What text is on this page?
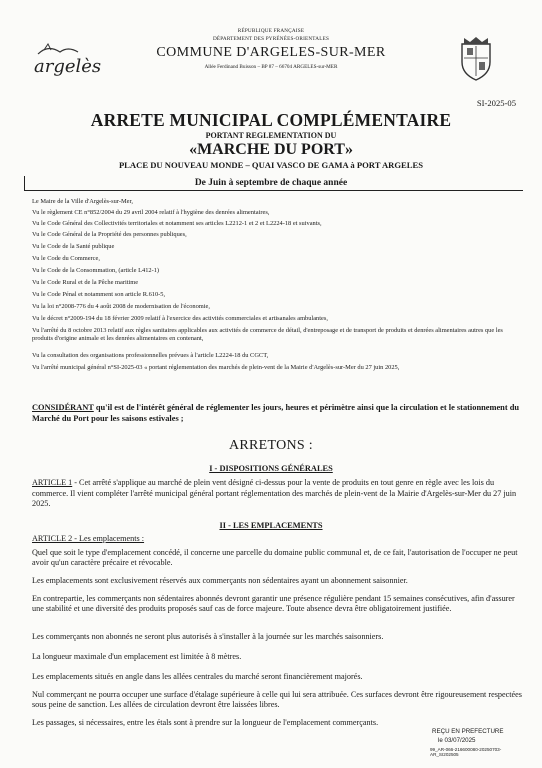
argelès
RÉPUBLIQUE FRANÇAISE
DÉPARTEMENT DES PYRÉNÉES-ORIENTALES
COMMUNE D'ARGELES-SUR-MER
Allée Ferdinand Buisson – BP 87 – 66704 ARGELES-sur-MER
SI-2025-05
ARRETE MUNICIPAL COMPLÉMENTAIRE
PORTANT REGLEMENTATION DU
«MARCHE DU PORT»
PLACE DU NOUVEAU MONDE – QUAI VASCO DE GAMA à PORT ARGELES
De Juin à septembre de chaque année
Le Maire de la Ville d'Argelès-sur-Mer,
Vu le règlement CE n°852/2004 du 29 avril 2004 relatif à l'hygiène des denrées alimentaires,
Vu le Code Général des Collectivités territoriales et notamment ses articles L2212-1 et 2 et L2224-18 et suivants,
Vu le Code Général de la Propriété des personnes publiques,
Vu le Code de la Santé publique
Vu le Code du Commerce,
Vu le Code de la Consommation, (article L412-1)
Vu le Code Rural et de la Pêche maritime
Vu le Code Pénal et notamment son article R.610-5,
Vu la loi n°2008-776 du 4 août 2008 de modernisation de l'économie,
Vu le décret n°2009-194 du 18 février 2009 relatif à l'exercice des activités commerciales et artisanales ambulantes,
Vu l'arrêté du 8 octobre 2013 relatif aux règles sanitaires applicables aux activités de commerce de détail, d'entreposage et de transport de produits et denrées alimentaires autres que les produits d'origine animale et les denrées alimentaires en contenant,
Vu la consultation des organisations professionnelles prévues à l'article L2224-18 du CGCT,
Vu l'arrêté municipal général n°SI-2025-03 « portant réglementation des marchés de plein-vent de la Mairie d'Argelès-sur-Mer du 27 juin 2025,
CONSIDÉRANT qu'il est de l'intérêt général de réglementer les jours, heures et périmètre ainsi que la circulation et le stationnement du Marché du Port pour les saisons estivales ;
ARRETONS :
I - DISPOSITIONS GÉNÉRALES
ARTICLE 1 - Cet arrêté s'applique au marché de plein vent désigné ci-dessus pour la vente de produits en tout genre en règle avec les lois du commerce. Il vient compléter l'arrêté municipal général portant réglementation des marchés de plein-vent de la Mairie d'Argelès-sur-Mer du 27 juin 2025.
II - LES EMPLACEMENTS
ARTICLE 2 - Les emplacements :
Quel que soit le type d'emplacement concédé, il concerne une parcelle du domaine public communal et, de ce fait, l'autorisation de l'occuper ne peut avoir qu'un caractère précaire et révocable.
Les emplacements sont exclusivement réservés aux commerçants non sédentaires ayant un abonnement saisonnier.
En contrepartie, les commerçants non sédentaires abonnés devront garantir une présence régulière pendant 15 semaines consécutives, afin d'assurer une stabilité et une diversité des produits proposés sauf cas de force majeure. Toute absence devra être obligatoirement justifiée.
Les commerçants non abonnés ne seront plus autorisés à s'installer à la journée sur les marchés saisonniers.
La longueur maximale d'un emplacement est limitée à 8 mètres.
Les emplacements situés en angle dans les allées centrales du marché seront financièrement majorés.
Nul commerçant ne pourra occuper une surface d'étalage supérieure à celle qui lui sera attribuée. Ces surfaces devront être rigoureusement respectées sous peine de sanction. Les allées de circulation devront être laissées libres.
Les passages, si nécessaires, entre les étals sont à prendre sur la longueur de l'emplacement commerçants.
REÇU EN PREFECTURE
le 03/07/2025
99_AR-066-216600080-20250703-AR_SI202505
